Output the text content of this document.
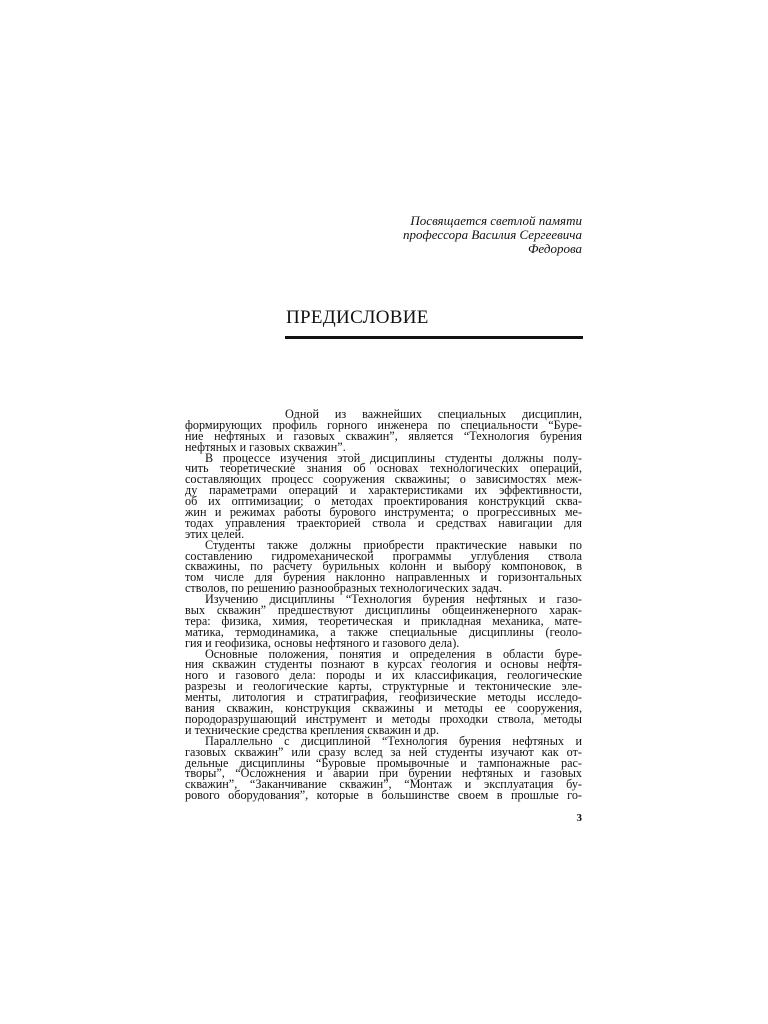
Посвящается светлой памяти
профессора Василия Сергеевича
Федорова
ПРЕДИСЛОВИЕ
Одной из важнейших специальных дисциплин,
формирующих профиль горного инженера по специальности “Буре-
ние нефтяных и газовых скважин”, является “Технология бурения
нефтяных и газовых скважин”.
В процессе изучения этой дисциплины студенты должны полу-
чить теоретические знания об основах технологических операций,
составляющих процесс сооружения скважины; о зависимостях меж-
ду параметрами операций и характеристиками их эффективности,
об их оптимизации; о методах проектирования конструкций сква-
жин и режимах работы бурового инструмента; о прогрессивных ме-
тодах управления траекторией ствола и средствах навигации для
этих целей.
Студенты также должны приобрести практические навыки по
составлению гидромеханической программы углубления ствола
скважины, по расчету бурильных колонн и выбору компоновок, в
том числе для бурения наклонно направленных и горизонтальных
стволов, по решению разнообразных технологических задач.
Изучению дисциплины “Технология бурения нефтяных и газо-
вых скважин” предшествуют дисциплины общеинженерного харак-
тера: физика, химия, теоретическая и прикладная механика, мате-
матика, термодинамика, а также специальные дисциплины (геоло-
гия и геофизика, основы нефтяного и газового дела).
Основные положения, понятия и определения в области буре-
ния скважин студенты познают в курсах геология и основы нефтя-
ного и газового дела: породы и их классификация, геологические
разрезы и геологические карты, структурные и тектонические эле-
менты, литология и стратиграфия, геофизические методы исследо-
вания скважин, конструкция скважины и методы ее сооружения,
породоразрушающий инструмент и методы проходки ствола, методы
и технические средства крепления скважин и др.
Параллельно с дисциплиной “Технология бурения нефтяных и
газовых скважин” или сразу вслед за ней студенты изучают как от-
дельные дисциплины “Буровые промывочные и тампонажные рас-
творы”, “Осложнения и аварии при бурении нефтяных и газовых
скважин”, “Заканчивание скважин”, “Монтаж и эксплуатация бу-
рового оборудования”, которые в большинстве своем в прошлые го-
3
